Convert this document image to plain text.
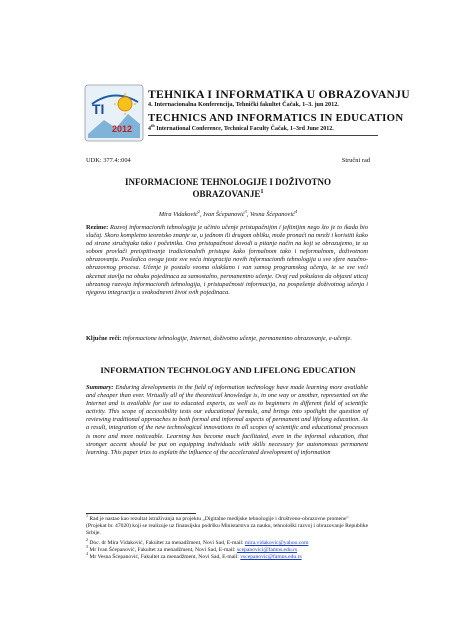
TI
2012
TEHNIKA I INFORMATIKA U OBRAZOVANJU
4. Internacionalna Konferencija, Tehnički fakultet Čačak, 1–3. jun 2012.
TECHNICS AND INFORMATICS IN EDUCATION
4th International Conference, Technical Faculty Čačak, 1–3rd June 2012.
UDK: 377.4::004	Stručni rad
INFORMACIONE TEHNOLOGIJE I DOŽIVOTNO
OBRAZOVANJE$^1$
Mira Vidaković$^2$, Ivan Šćepanović$^3$, Vesna Šćepanović$^4$
Rezime: Razvoj informacionih tehnologija je učinio učenje pristupačnijim i jeftinijim nego što je to ikada bio slučaj. Skoro kompletno teoretsko znanje se, u jednom ili drugom obliku, može pronaći na mreži i koristiti kako od strane stručnjaka tako i početnika. Ova pristupačnost dovodi u pitanje način na koji se obrazujemo, te sa sobom provlači preispitivanje tradicionalnih pristupa kako formalnom tako i neformalnom, doživotnom obrazovanju. Posledica ovoga jeste sve veća integracija novih informacionih tehnologija u sve sfere naučno-obrazovnog procesa. Učenje je postalo veoma olakšano i van samog programskog učenja, te se sve veći akcenat stavlja na obuku pojedinaca za samostalno, permanentno učenje. Ovaj rad pokušava da objasni uticaj ubrzanog razvoja informacionih tehnologija, i pristupačnosti informacija, na pospešenje doživotnog učenja i njegovu integraciju u svakodnevni život svih pojedinaca.
Ključne reči: informacione tehnologije, Internet, doživotno učenje, permanentno obrazovanje, e-učenje.
INFORMATION TECHNOLOGY AND LIFELONG EDUCATION
Summary: Enduring developments in the field of information technology have made learning more available and cheaper than ever. Virtually all of the theoretical knowledge is, in one way or another, represented on the Internet and is available for use to educated experts, as well as to beginners in different field of scientific activity. This scope of accessibility tests our educational formula, and brings into spotlight the question of reviewing traditional approaches to both formal and informal aspects of permanent and lifelong education. As a result, integration of the new technological innovations in all scopes of scientific and educational processes is more and more noticeable. Learning has become much facilitated, even in the informal education, that stronger accent should be put on equipping individuals with skills necessary for autonomous permanent learning. This paper tries to explain the influence of the accelerated development of information
$^1$ Rad je nastao kao rezultat istraživanja na projektu „Digitalne medijske tehnologije i društveno-obrazovne promene" (Projekat br. 47020) koji se realizuje uz finansijsku podršku Ministarstva za nauku, tehnološki razvoj i obrazovanje Republike Srbije.
$^2$ Doc. dr Mira Vidaković, Fakultet za menadžment, Novi Sad, E-mail: mira.vidakovic@yahoo.com
$^3$ Mr Ivan Šćepanović, Fakultet za menadžment, Novi Sad, E-mail: scepanovici@famns.edu.rs
$^4$ Mr Vesna Šćepanović, Fakultet za menadžment, Novi Sad, E-mail: vscepanovic@famns.edu.rs
